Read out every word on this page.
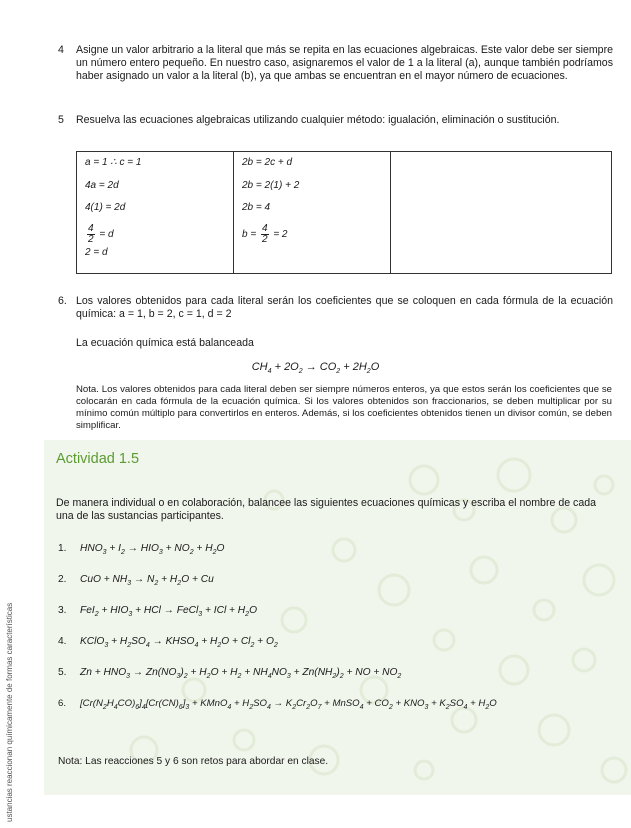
4	Asigne un valor arbitrario a la literal que más se repita en las ecuaciones algebraicas. Este valor debe ser siempre un número entero pequeño. En nuestro caso, asignaremos el valor de 1 a la literal (a), aunque también podríamos haber asignado un valor a la literal (b), ya que ambas se encuentran en el mayor número de ecuaciones.
5	Resuelva las ecuaciones algebraicas utilizando cualquier método: igualación, eliminación o sustitución.
a = 1 ∴ c = 1
4a = 2d
4(1) = 2d
$\frac{4}{2} = d$
2 = d

2b = 2c + d
2b = 2(1) + 2
2b = 4
$b = \frac{4}{2} = 2$

6. Los valores obtenidos para cada literal serán los coeficientes que se coloquen en cada fórmula de la ecuación química: a = 1, b = 2, c = 1, d = 2
La ecuación química está balanceada
$CH_4 + 2O_2 \to CO_2 + 2H_2O$
Nota. Los valores obtenidos para cada literal deben ser siempre números enteros, ya que estos serán los coeficientes que se colocarán en cada fórmula de la ecuación química. Si los valores obtenidos son fraccionarios, se deben multiplicar por su mínimo común múltiplo para convertirlos en enteros. Además, si los coeficientes obtenidos tienen un divisor común, se deben simplificar.
Actividad 1.5
De manera individual o en colaboración, balancee las siguientes ecuaciones químicas y escriba el nombre de cada una de las sustancias participantes.
1. $HNO_3 + I_2 \to HIO_3 + NO_2 + H_2O$
2. CuO + $NH_3 \to N_2 + H_2O + Cu$
3. $FeI_2 + HIO_3$ + HCl → FeCl$_3$ + ICl + $H_2O$
4. KClO$_3$ + $H_2SO_4$ → $KHSO_4 + H_2O + Cl_2 + O_2$
5. $Zn + HNO_3 \to Zn(NO_3)_2 + H_2O + H_2 + NH_4NO_3 + Zn(NH_2)_2$ + NO + $NO_2$
6. $[Cr(N_2H_4CO)_6]_4[Cr(CN)_6]_3$ + KMnO$_4$ + $H_2SO_4 \to K_2Cr_2O_7$ + MnSO$_4$ + $CO_2 + KNO_3 + K_2SO_4 + H_2O$
Nota: Las reacciones 5 y 6 son retos para abordar en clase.
ustancias reaccionan químicamente de formas características
